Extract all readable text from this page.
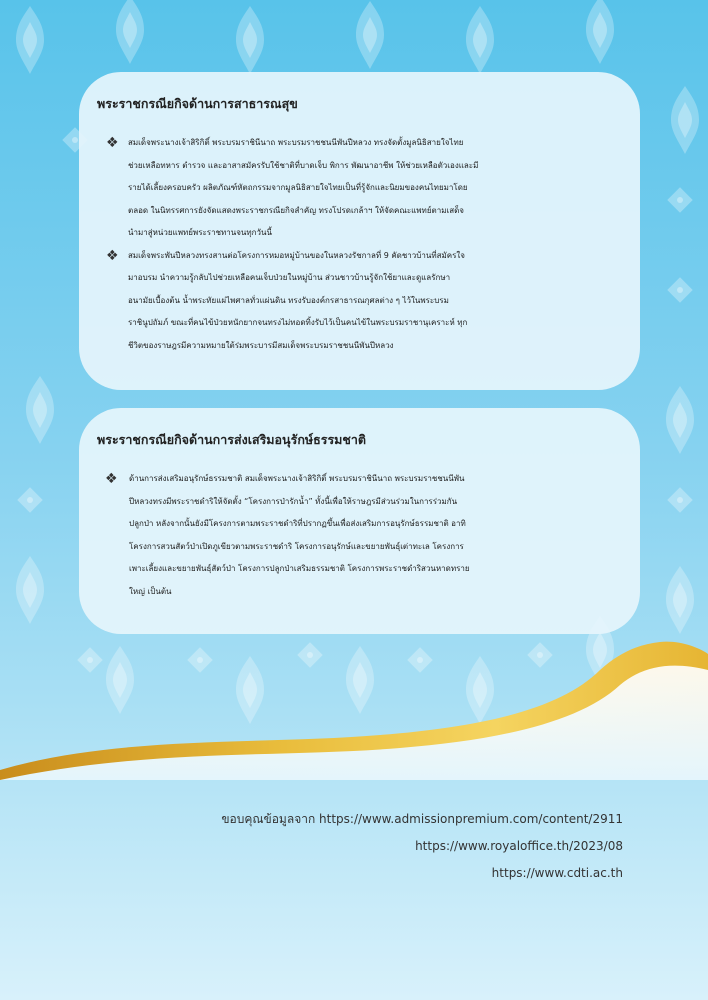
พระราชกรณียกิจด้านการสาธารณสุข
❖ สมเด็จพระนางเจ้าสิริกิติ์ พระบรมราชินีนาถ พระบรมราชชนนีพันปีหลวง ทรงจัดตั้งมูลนิธิสายใจไทย
ช่วยเหลือทหาร ตำรวจ และอาสาสมัครรับใช้ชาติที่บาดเจ็บ พิการ พัฒนาอาชีพ ให้ช่วยเหลือตัวเองและมี
รายได้เลี้ยงครอบครัว ผลิตภัณฑ์หัตถกรรมจากมูลนิธิสายใจไทยเป็นที่รู้จักและนิยมของคนไทยมาโดย
ตลอด ในนิทรรศการยังจัดแสดงพระราชกรณียกิจสำคัญ ทรงโปรดเกล้าฯ ให้จัดคณะแพทย์ตามเสด็จ
นำมาสู่หน่วยแพทย์พระราชทานจนทุกวันนี้
❖ สมเด็จพระพันปีหลวงทรงสานต่อโครงการหมอหมู่บ้านของในหลวงรัชกาลที่ 9 คัดชาวบ้านที่สมัครใจ
มาอบรม นำความรู้กลับไปช่วยเหลือคนเจ็บป่วยในหมู่บ้าน ส่วนชาวบ้านรู้จักใช้ยาและดูแลรักษา
อนามัยเบื้องต้น น้ำพระทัยแผ่ไพศาลทั่วแผ่นดิน ทรงรับองค์กรสาธารณกุศลต่าง ๆ ไว้ในพระบรม
ราชินูปถัมภ์ ขณะที่คนไข้ป่วยหนักยากจนทรงไม่ทอดทิ้งรับไว้เป็นคนไข้ในพระบรมราชานุเคราะห์ ทุก
ชีวิตของราษฎรมีความหมายใต้ร่มพระบารมีสมเด็จพระบรมราชชนนีพันปีหลวง
พระราชกรณียกิจด้านการส่งเสริมอนุรักษ์ธรรมชาติ
❖ ด้านการส่งเสริมอนุรักษ์ธรรมชาติ สมเด็จพระนางเจ้าสิริกิติ์ พระบรมราชินีนาถ พระบรมราชชนนีพัน
ปีหลวงทรงมีพระราชดำริให้จัดตั้ง “โครงการป่ารักน้ำ” ทั้งนี้เพื่อให้ราษฎรมีส่วนร่วมในการร่วมกัน
ปลูกป่า หลังจากนั้นยังมีโครงการตามพระราชดำริที่ปรากฏขึ้นเพื่อส่งเสริมการอนุรักษ์ธรรมชาติ อาทิ
โครงการสวนสัตว์ป่าเปิดภูเขียวตามพระราชดำริ โครงการอนุรักษ์และขยายพันธุ์เต่าทะเล โครงการ
เพาะเลี้ยงและขยายพันธุ์สัตว์ป่า โครงการปลูกป่าเสริมธรรมชาติ โครงการพระราชดำริสวนหาดทราย
ใหญ่ เป็นต้น
ขอบคุณข้อมูลจาก https://www.admissionpremium.com/content/2911
https://www.royaloffice.th/2023/08
https://www.cdti.ac.th
